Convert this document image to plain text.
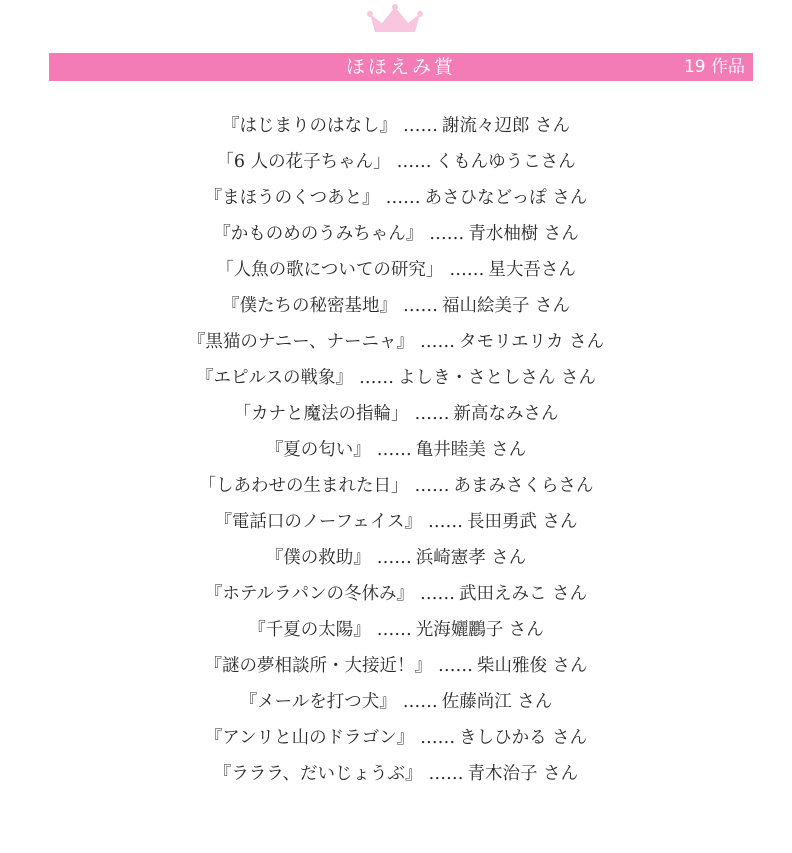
ほほえみ賞	19 作品
『はじまりのはなし』 …… 謝流々辺郎 さん
「6 人の花子ちゃん」 …… くもんゆうこさん
『まほうのくつあと』 …… あさひなどっぽ さん
『かものめのうみちゃん』 …… 青水柚樹 さん
「人魚の歌についての研究」 …… 星大吾さん
『僕たちの秘密基地』 …… 福山絵美子 さん
『黒猫のナニー、ナーニャ』 …… タモリエリカ さん
『エピルスの戦象』 …… よしき・さとしさん さん
「カナと魔法の指輪」 …… 新高なみさん
『夏の匂い』 …… 亀井睦美 さん
「しあわせの生まれた日」 …… あまみさくらさん
『電話口のノーフェイス』 …… 長田勇武 さん
『僕の救助』 …… 浜崎憲孝 さん
『ホテルラパンの冬休み』 …… 武田えみこ さん
『千夏の太陽』 …… 光海孋鸝子 さん
『謎の夢相談所・大接近！』 …… 柴山雅俊 さん
『メールを打つ犬』 …… 佐藤尚江 さん
『アンリと山のドラゴン』 …… きしひかる さん
『ラララ、だいじょうぶ』 …… 青木治子 さん
